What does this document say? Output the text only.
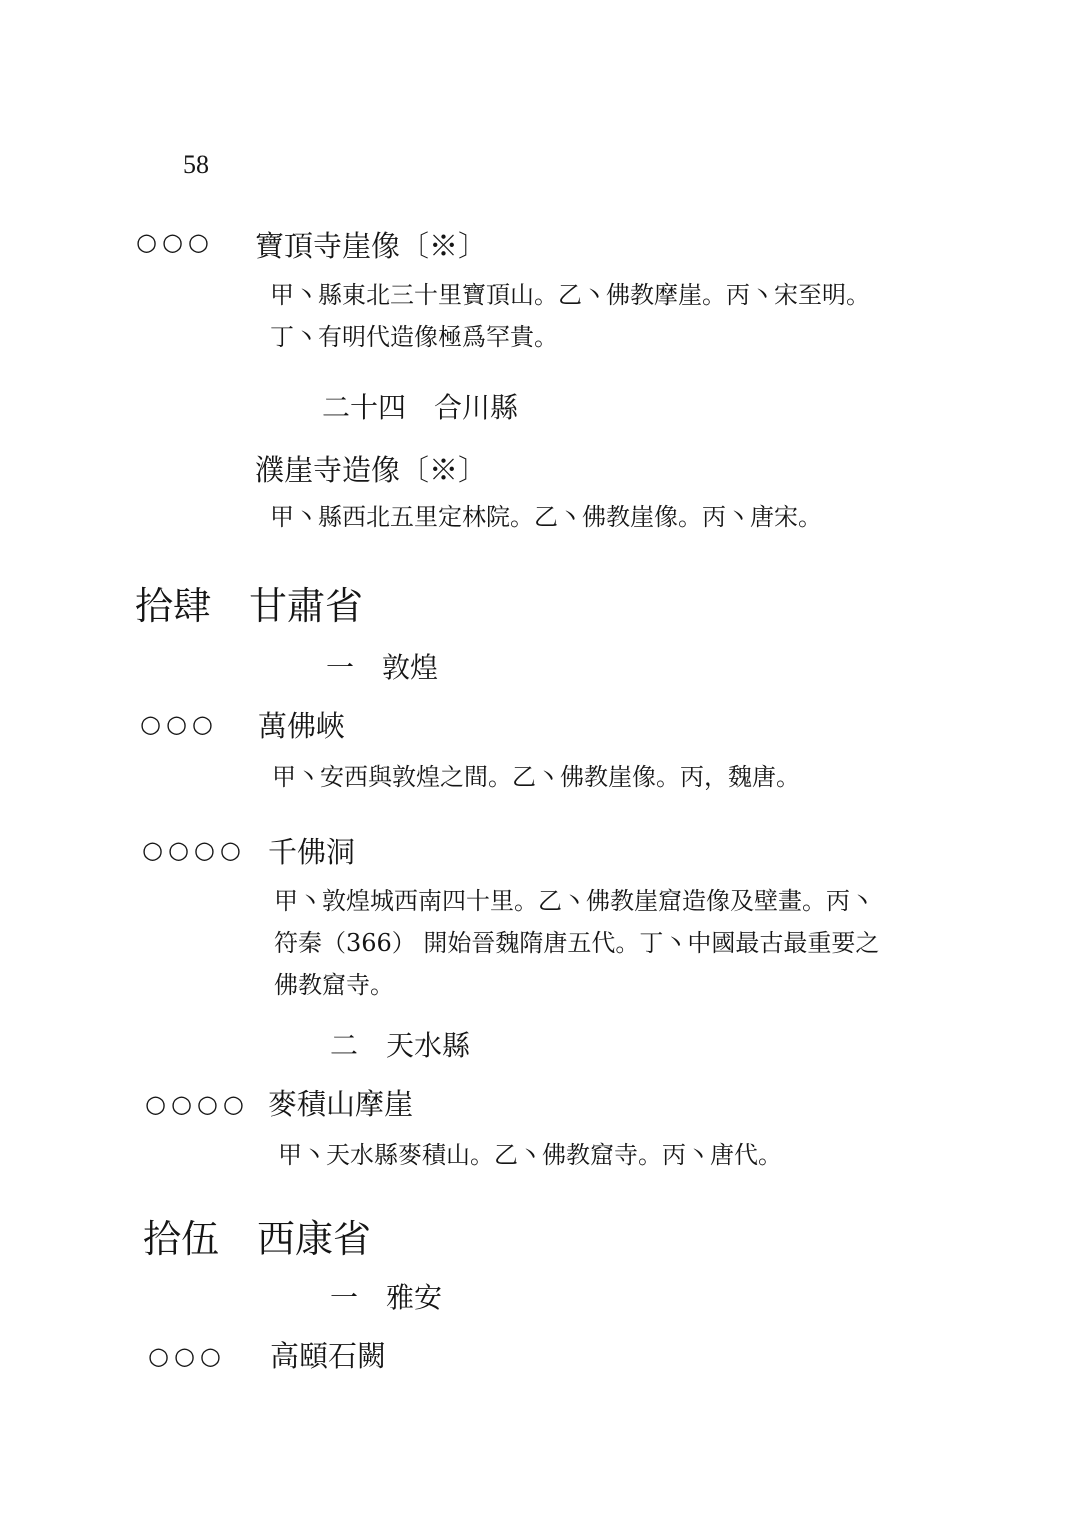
58
○○○ 寶頂寺崖像〔※〕
甲丶縣東北三十里寶頂山。乙丶佛教摩崖。丙丶宋至明。
丁丶有明代造像極爲罕貴。
二十四　合川縣
濮崖寺造像〔※〕
甲丶縣西北五里定林院。乙丶佛教崖像。丙丶唐宋。
拾肆　甘肅省
一　敦煌
○○○ 萬佛峽
甲丶安西與敦煌之間。乙丶佛教崖像。丙，魏唐。
○○○○ 千佛洞
甲丶敦煌城西南四十里。乙丶佛教崖窟造像及壁畫。丙丶
符秦（366） 開始晉魏隋唐五代。丁丶中國最古最重要之
佛教窟寺。
二　天水縣
○○○○ 麥積山摩崖
甲丶天水縣麥積山。乙丶佛教窟寺。丙丶唐代。
拾伍　西康省
一　雅安
○○○ 高頤石闕
